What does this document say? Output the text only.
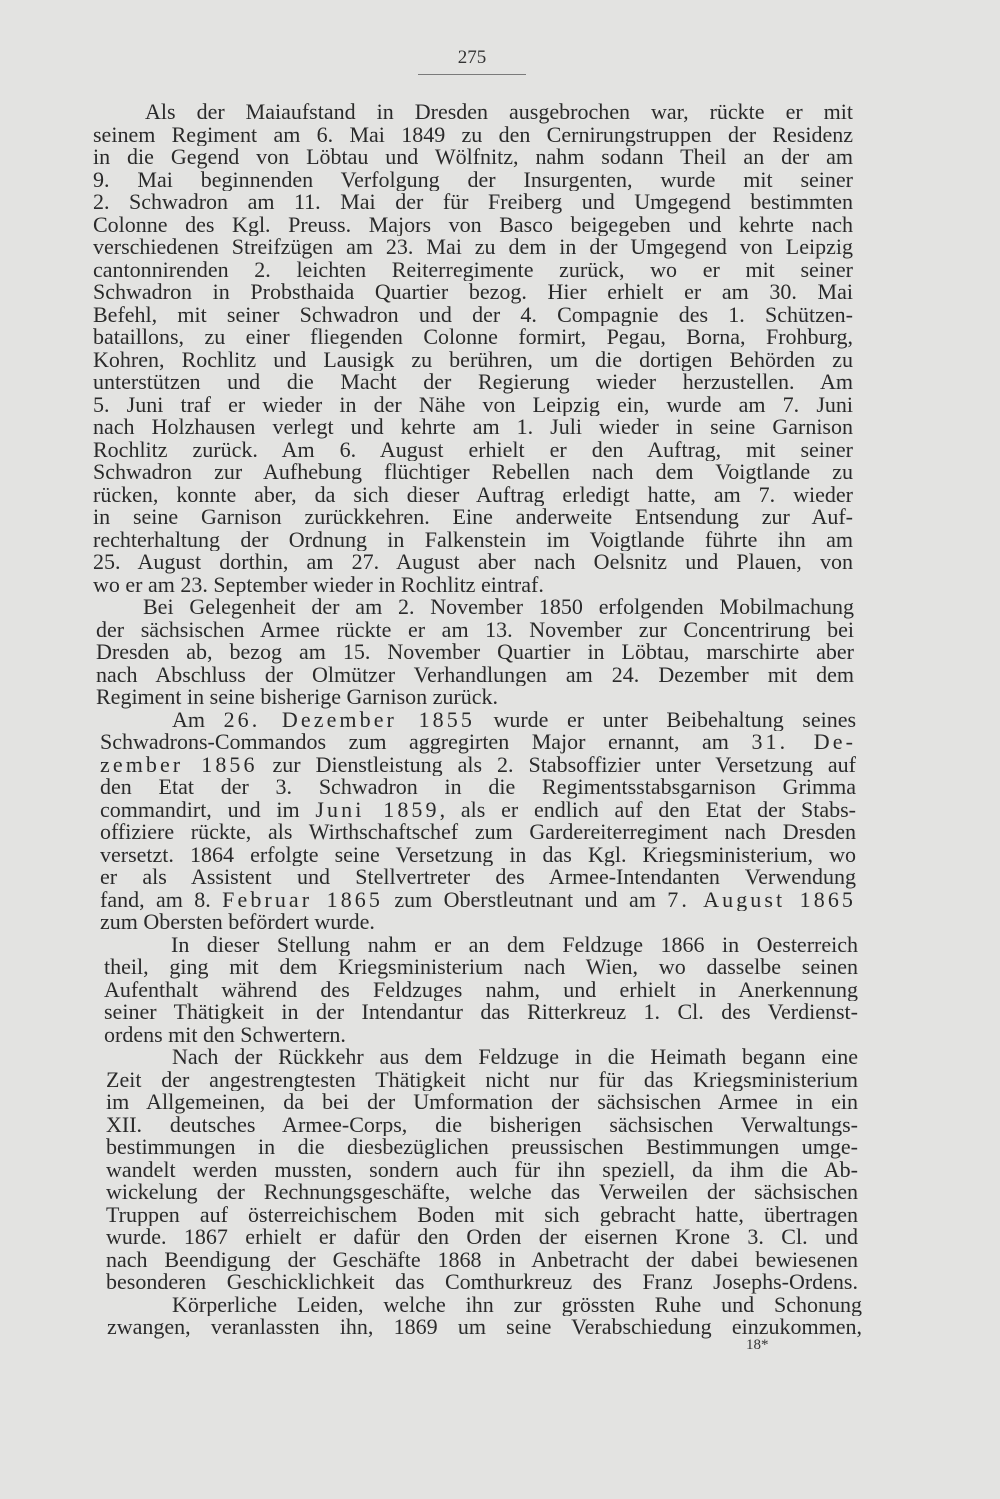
275
Als der Maiaufstand in Dresden ausgebrochen war, rückte er mit
seinem Regiment am 6. Mai 1849 zu den Cernirungstruppen der Residenz
in die Gegend von Löbtau und Wölfnitz, nahm sodann Theil an der am
9. Mai beginnenden Verfolgung der Insurgenten, wurde mit seiner
2. Schwadron am 11. Mai der für Freiberg und Umgegend bestimmten
Colonne des Kgl. Preuss. Majors von Basco beigegeben und kehrte nach
verschiedenen Streifzügen am 23. Mai zu dem in der Umgegend von Leipzig
cantonnirenden 2. leichten Reiterregimente zurück, wo er mit seiner
Schwadron in Probsthaida Quartier bezog. Hier erhielt er am 30. Mai
Befehl, mit seiner Schwadron und der 4. Compagnie des 1. Schützen-
bataillons, zu einer fliegenden Colonne formirt, Pegau, Borna, Frohburg,
Kohren, Rochlitz und Lausigk zu berühren, um die dortigen Behörden zu
unterstützen und die Macht der Regierung wieder herzustellen. Am
5. Juni traf er wieder in der Nähe von Leipzig ein, wurde am 7. Juni
nach Holzhausen verlegt und kehrte am 1. Juli wieder in seine Garnison
Rochlitz zurück. Am 6. August erhielt er den Auftrag, mit seiner
Schwadron zur Aufhebung flüchtiger Rebellen nach dem Voigtlande zu
rücken, konnte aber, da sich dieser Auftrag erledigt hatte, am 7. wieder
in seine Garnison zurückkehren. Eine anderweite Entsendung zur Auf-
rechterhaltung der Ordnung in Falkenstein im Voigtlande führte ihn am
25. August dorthin, am 27. August aber nach Oelsnitz und Plauen, von
wo er am 23. September wieder in Rochlitz eintraf.
Bei Gelegenheit der am 2. November 1850 erfolgenden Mobilmachung
der sächsischen Armee rückte er am 13. November zur Concentrirung bei
Dresden ab, bezog am 15. November Quartier in Löbtau, marschirte aber
nach Abschluss der Olmützer Verhandlungen am 24. Dezember mit dem
Regiment in seine bisherige Garnison zurück.
Am 26. Dezember 1855 wurde er unter Beibehaltung seines
Schwadrons-Commandos zum aggregirten Major ernannt, am 31. De-
zember 1856 zur Dienstleistung als 2. Stabsoffizier unter Versetzung auf
den Etat der 3. Schwadron in die Regimentsstabsgarnison Grimma
commandirt, und im Juni 1859, als er endlich auf den Etat der Stabs-
offiziere rückte, als Wirthschaftschef zum Gardereiterregiment nach Dresden
versetzt. 1864 erfolgte seine Versetzung in das Kgl. Kriegsministerium, wo
er als Assistent und Stellvertreter des Armee-Intendanten Verwendung
fand, am 8. Februar 1865 zum Oberstleutnant und am 7. August 1865
zum Obersten befördert wurde.
In dieser Stellung nahm er an dem Feldzuge 1866 in Oesterreich
theil, ging mit dem Kriegsministerium nach Wien, wo dasselbe seinen
Aufenthalt während des Feldzuges nahm, und erhielt in Anerkennung
seiner Thätigkeit in der Intendantur das Ritterkreuz 1. Cl. des Verdienst-
ordens mit den Schwertern.
Nach der Rückkehr aus dem Feldzuge in die Heimath begann eine
Zeit der angestrengtesten Thätigkeit nicht nur für das Kriegsministerium
im Allgemeinen, da bei der Umformation der sächsischen Armee in ein
XII. deutsches Armee-Corps, die bisherigen sächsischen Verwaltungs-
bestimmungen in die diesbezüglichen preussischen Bestimmungen umge-
wandelt werden mussten, sondern auch für ihn speziell, da ihm die Ab-
wickelung der Rechnungsgeschäfte, welche das Verweilen der sächsischen
Truppen auf österreichischem Boden mit sich gebracht hatte, übertragen
wurde. 1867 erhielt er dafür den Orden der eisernen Krone 3. Cl. und
nach Beendigung der Geschäfte 1868 in Anbetracht der dabei bewiesenen
besonderen Geschicklichkeit das Comthurkreuz des Franz Josephs-Ordens.
Körperliche Leiden, welche ihn zur grössten Ruhe und Schonung
zwangen, veranlassten ihn, 1869 um seine Verabschiedung einzukommen,
18*
